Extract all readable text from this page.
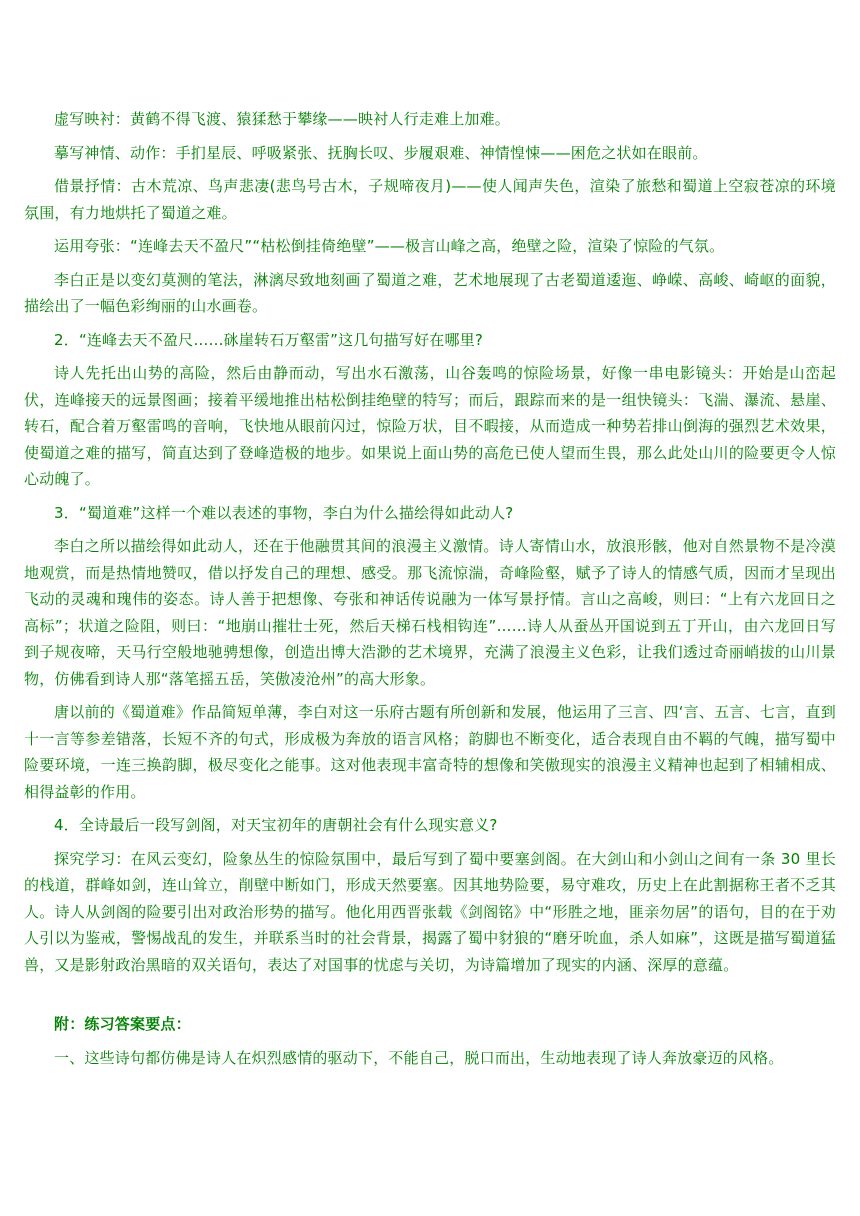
虚写映衬：黄鹤不得飞渡、猿猱愁于攀缘——映衬人行走难上加难。

摹写神情、动作：手扪星辰、呼吸紧张、抚胸长叹、步履艰难、神情惶悚——困危之状如在眼前。

借景抒情：古木荒凉、鸟声悲凄(悲鸟号古木，子规啼夜月)——使人闻声失色，渲染了旅愁和蜀道上空寂苍凉的环境氛围，有力地烘托了蜀道之难。

运用夸张：“连峰去天不盈尺”“枯松倒挂倚绝壁”——极言山峰之高，绝壁之险，渲染了惊险的气氛。

李白正是以变幻莫测的笔法，淋漓尽致地刻画了蜀道之难，艺术地展现了古老蜀道逶迤、峥嵘、高峻、崎岖的面貌，描绘出了一幅色彩绚丽的山水画卷。

2．“连峰去天不盈尺……砯崖转石万壑雷”这几句描写好在哪里?

诗人先托出山势的高险，然后由静而动，写出水石激荡，山谷轰鸣的惊险场景，好像一串电影镜头：开始是山峦起伏，连峰接天的远景图画；接着平缓地推出枯松倒挂绝壁的特写；而后，跟踪而来的是一组快镜头：飞湍、瀑流、悬崖、转石，配合着万壑雷鸣的音响，飞快地从眼前闪过，惊险万状，目不暇接，从而造成一种势若排山倒海的强烈艺术效果，使蜀道之难的描写，简直达到了登峰造极的地步。如果说上面山势的高危已使人望而生畏，那么此处山川的险要更令人惊心动魄了。

3．“蜀道难”这样一个难以表述的事物，李白为什么描绘得如此动人?

李白之所以描绘得如此动人，还在于他融贯其间的浪漫主义激情。诗人寄情山水，放浪形骸，他对自然景物不是冷漠地观赏，而是热情地赞叹，借以抒发自己的理想、感受。那飞流惊湍，奇峰险壑，赋予了诗人的情感气质，因而才呈现出飞动的灵魂和瑰伟的姿态。诗人善于把想像、夸张和神话传说融为一体写景抒情。言山之高峻，则曰：“上有六龙回日之高标”；状道之险阻，则曰：“地崩山摧壮士死，然后天梯石栈相钩连”……诗人从蚕丛开国说到五丁开山，由六龙回日写到子规夜啼，天马行空般地驰骋想像，创造出博大浩渺的艺术境界，充满了浪漫主义色彩，让我们透过奇丽峭拔的山川景物，仿佛看到诗人那“落笔摇五岳，笑傲凌沧州”的高大形象。

唐以前的《蜀道难》作品简短单薄，李白对这一乐府古题有所创新和发展，他运用了三言、四‘言、五言、七言，直到十一言等参差错落，长短不齐的句式，形成极为奔放的语言风格；韵脚也不断变化，适合表现自由不羁的气魄，描写蜀中险要环境，一连三换韵脚，极尽变化之能事。这对他表现丰富奇特的想像和笑傲现实的浪漫主义精神也起到了相辅相成、相得益彰的作用。

4．全诗最后一段写剑阁，对天宝初年的唐朝社会有什么现实意义?

探究学习：在风云变幻，险象丛生的惊险氛围中，最后写到了蜀中要塞剑阁。在大剑山和小剑山之间有一条 30 里长的栈道，群峰如剑，连山耸立，削壁中断如门，形成天然要塞。因其地势险要，易守难攻，历史上在此割据称王者不乏其人。诗人从剑阁的险要引出对政治形势的描写。他化用西晋张载《剑阁铭》中“形胜之地，匪亲勿居”的语句，目的在于劝人引以为鉴戒，警惕战乱的发生，并联系当时的社会背景，揭露了蜀中豺狼的“磨牙吮血，杀人如麻”，这既是描写蜀道猛兽，又是影射政治黑暗的双关语句，表达了对国事的忧虑与关切，为诗篇增加了现实的内涵、深厚的意蕴。

附：练习答案要点：

一、这些诗句都仿佛是诗人在炽烈感情的驱动下，不能自己，脱口而出，生动地表现了诗人奔放豪迈的风格。
